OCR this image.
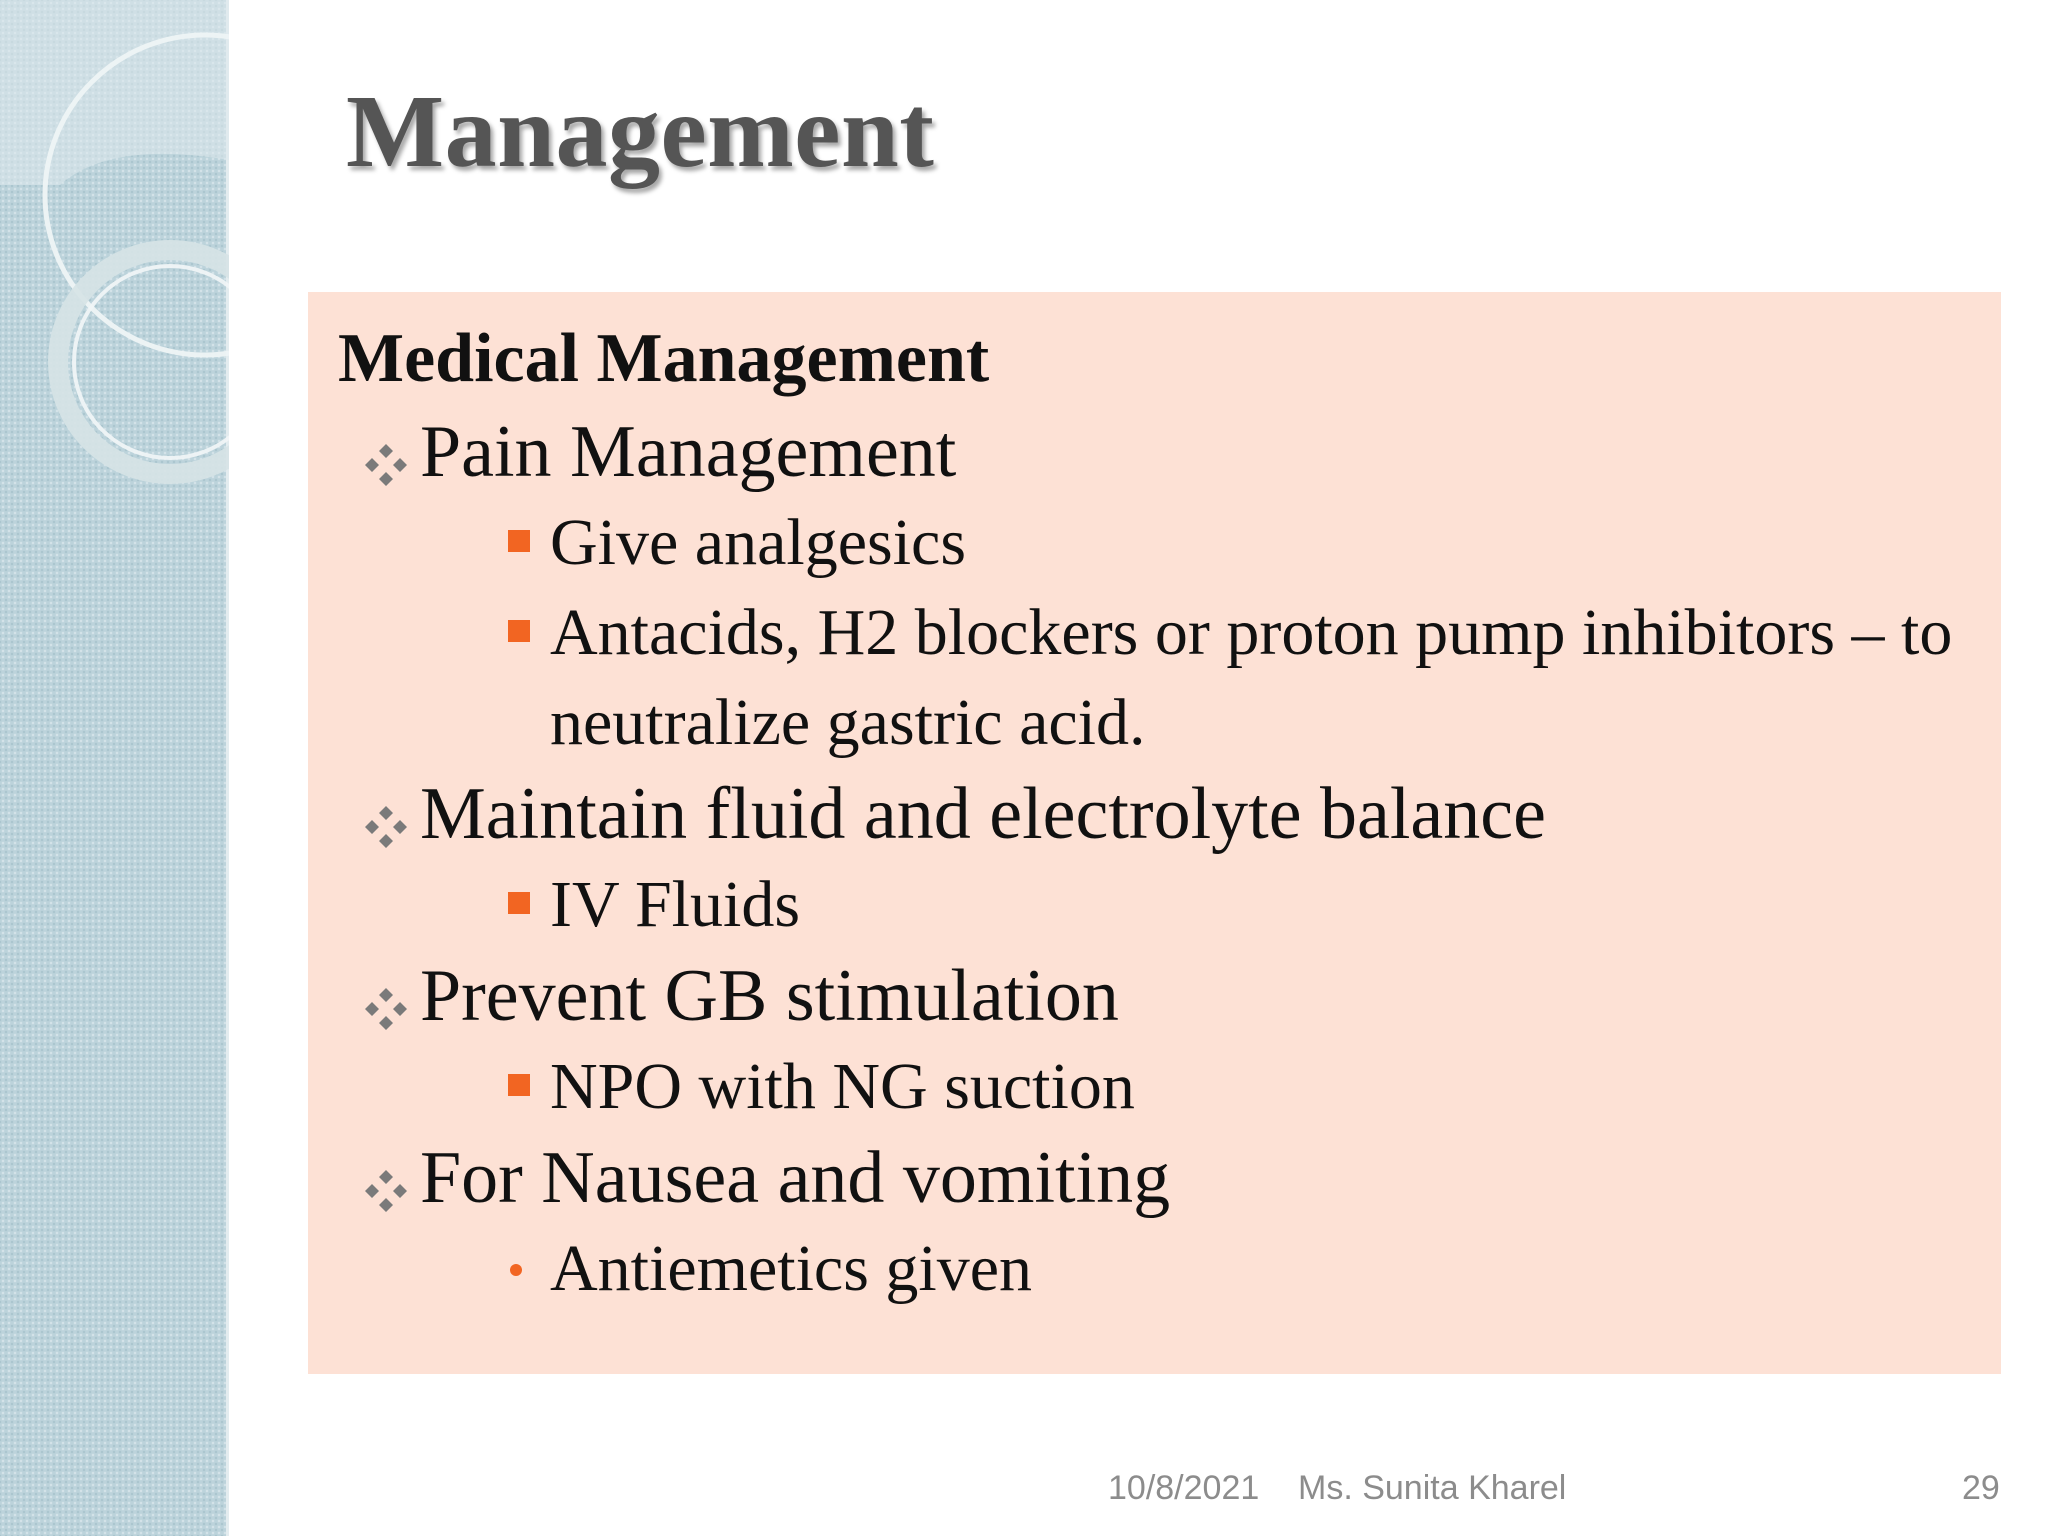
Management
Medical Management
Pain Management
Give analgesics
Antacids, H2 blockers or proton pump inhibitors – to neutralize gastric acid.
Maintain fluid and electrolyte balance
IV Fluids
Prevent GB stimulation
NPO with NG suction
For Nausea and vomiting
Antiemetics given
10/8/2021 Ms. Sunita Kharel	29
